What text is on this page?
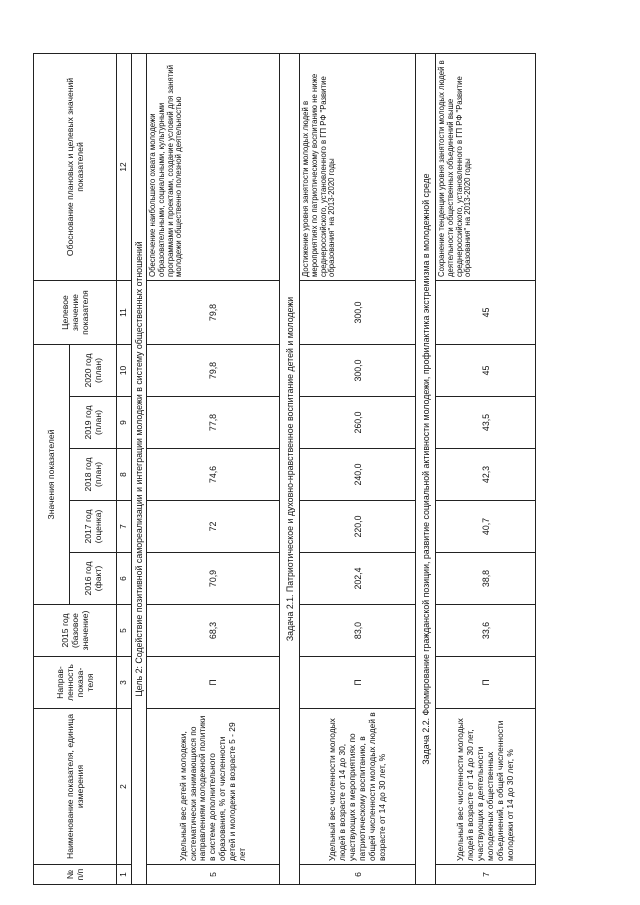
№ п/п	Наименование показателя, единица измерения	Направ-ленность показа-теля	2015 год (базовое значение)	Значения показателей					Целевое значение показателя	Обоснование плановых и целевых значений показателей
				2016 год (факт)	2017 год (оценка)	2018 год (план)	2019 год (план)	2020 год (план)		
1	2	3	5	6	7	8	9	10	11	12
Цель 2: Содействие позитивной самореализации и интеграции молодежи в систему общественных отношений										
5	Удельный вес детей и молодежи, систематически занимающихся по направлениям молодежной политики в системе дополнительного образования, % от численности детей и молодежи в возрасте 5 - 29 лет	П	68,3	70,9	72	74,6	77,8	79,8	79,8	Обеспечение наибольшего охвата молодежи образовательными, социальными, культурными программами и проектами, создание условий для занятий молодежи общественно полезной деятельностью
Задача 2.1. Патриотическое и духовно-нравственное воспитание детей и молодежи										
6	Удельный вес численности молодых людей в возрасте от 14 до 30, участвующих в мероприятиях по патриотическому воспитанию, в общей численности молодых людей в возрасте от 14 до 30 лет, %	П	83,0	202,4	220,0	240,0	260,0	300,0	300,0	Достижение уровня занятости молодых людей в мероприятиях по патриотическому воспитанию не ниже среднероссийского, установленного в ГП РФ "Развитие образования" на 2013-2020 годы
Задача 2.2. Формирование гражданской позиции, развитие социальной активности молодежи, профилактика экстремизма в молодежной среде										
7	Удельный вес численности молодых людей в возрасте от 14 до 30 лет, участвующих в деятельности молодежных общественных объединений, в общей численности молодежи от 14 до 30 лет, %	П	33,6	38,8	40,7	42,3	43,5	45	45	Сохранение тенденции уровня занятости молодых людей в деятельности общественных объединений выше среднероссийского, установленного в ГП РФ "Развитие образования" на 2013-2020 годы
